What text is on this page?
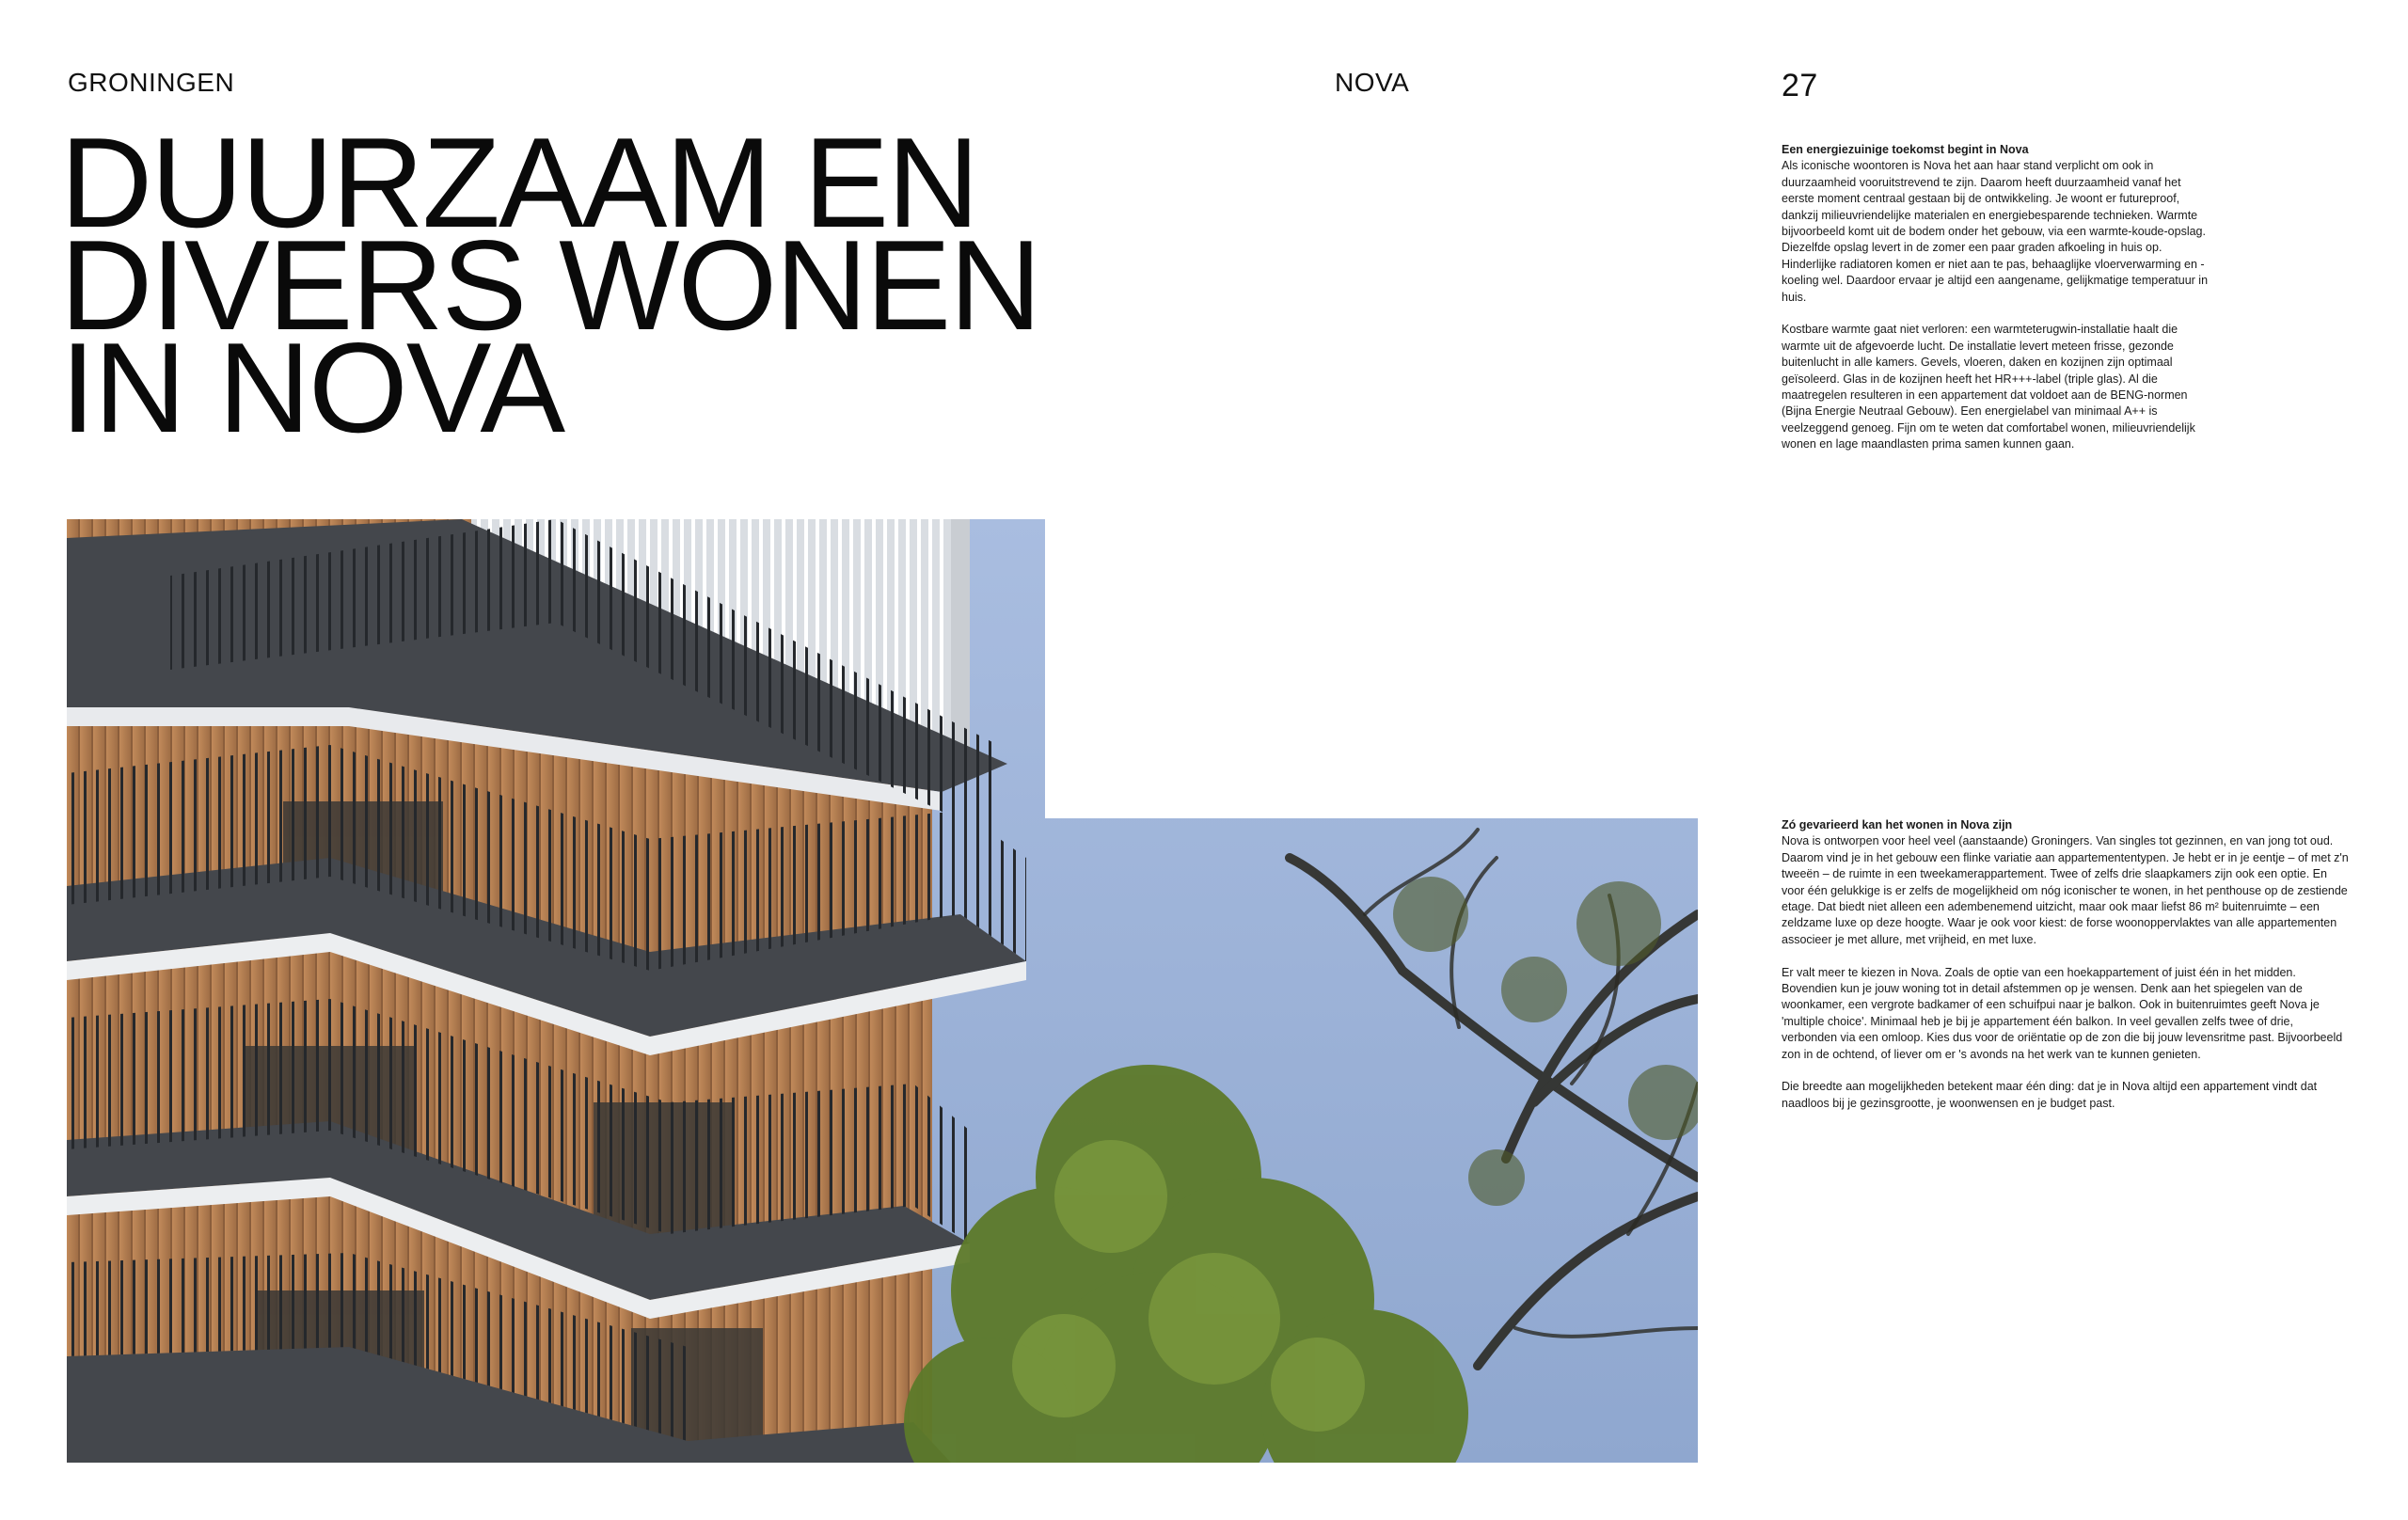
GRONINGEN	NOVA	27
DUURZAAM EN
DIVERS WONEN
IN NOVA
Een energiezuinige toekomst begint in Nova

Als iconische woontoren is Nova het aan haar stand verplicht om ook in duurzaamheid vooruitstrevend te zijn. Daarom heeft duurzaamheid vanaf het eerste moment centraal gestaan bij de ontwikkeling. Je woont er futureproof, dankzij milieuvriendelijke materialen en energiebesparende technieken. Warmte bijvoorbeeld komt uit de bodem onder het gebouw, via een warmte-koude-opslag. Diezelfde opslag levert in de zomer een paar graden afkoeling in huis op. Hinderlijke radiatoren komen er niet aan te pas, behaaglijke vloerverwarming en -koeling wel. Daardoor ervaar je altijd een aangename, gelijkmatige temperatuur in huis.

Kostbare warmte gaat niet verloren: een warmteterugwin-installatie haalt die warmte uit de afgevoerde lucht. De installatie levert meteen frisse, gezonde buitenlucht in alle kamers. Gevels, vloeren, daken en kozijnen zijn optimaal geïsoleerd. Glas in de kozijnen heeft het HR+++-label (triple glas). Al die maatregelen resulteren in een appartement dat voldoet aan de BENG-normen (Bijna Energie Neutraal Gebouw). Een energielabel van minimaal A++ is veelzeggend genoeg. Fijn om te weten dat comfortabel wonen, milieuvriendelijk wonen en lage maandlasten prima samen kunnen gaan.

Zó gevarieerd kan het wonen in Nova zijn

Nova is ontworpen voor heel veel (aanstaande) Groningers. Van singles tot gezinnen, en van jong tot oud. Daarom vind je in het gebouw een flinke variatie aan appartemententypen. Je hebt er in je eentje – of met z'n tweeën – de ruimte in een tweekamerappartement. Twee of zelfs drie slaapkamers zijn ook een optie. En voor één gelukkige is er zelfs de mogelijkheid om nóg iconischer te wonen, in het penthouse op de zestiende etage. Dat biedt niet alleen een adembenemend uitzicht, maar ook maar liefst 86 m² buitenruimte – een zeldzame luxe op deze hoogte. Waar je ook voor kiest: de forse woonoppervlaktes van alle appartementen associeer je met allure, met vrijheid, en met luxe.

Er valt meer te kiezen in Nova. Zoals de optie van een hoekappartement of juist één in het midden. Bovendien kun je jouw woning tot in detail afstemmen op je wensen. Denk aan het spiegelen van de woonkamer, een vergrote badkamer of een schuifpui naar je balkon. Ook in buitenruimtes geeft Nova je 'multiple choice'. Minimaal heb je bij je appartement één balkon. In veel gevallen zelfs twee of drie, verbonden via een omloop. Kies dus voor de oriëntatie op de zon die bij jouw levensritme past. Bijvoorbeeld zon in de ochtend, of liever om er 's avonds na het werk van te kunnen genieten.

Die breedte aan mogelijkheden betekent maar één ding: dat je in Nova altijd een appartement vindt dat naadloos bij je gezinsgrootte, je woonwensen en je budget past.
